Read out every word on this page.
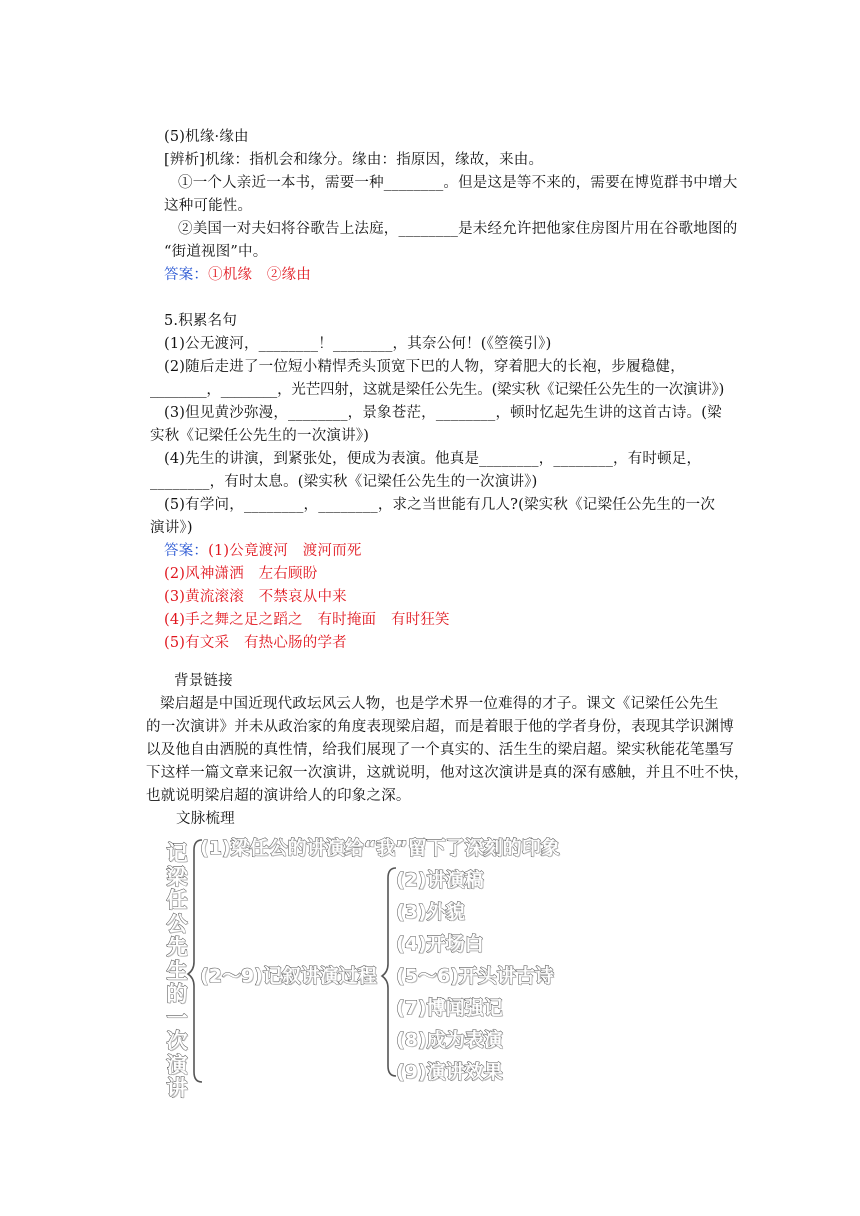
(5)机缘·缘由
[辨析]机缘：指机会和缘分。缘由：指原因，缘故，来由。
①一个人亲近一本书，需要一种________。但是这是等不来的，需要在博览群书中增大
这种可能性。
②美国一对夫妇将谷歌告上法庭，________是未经允许把他家住房图片用在谷歌地图的
“街道视图”中。
答案：①机缘　②缘由
5.积累名句
(1)公无渡河，________！________，其奈公何！(《箜篌引》)
(2)随后走进了一位短小精悍秃头顶宽下巴的人物，穿着肥大的长袍，步履稳健，
________，________，光芒四射，这就是梁任公先生。(梁实秋《记梁任公先生的一次演讲》)
(3)但见黄沙弥漫，________，景象苍茫，________，顿时忆起先生讲的这首古诗。(梁
实秋《记梁任公先生的一次演讲》)
(4)先生的讲演，到紧张处，便成为表演。他真是________，________，有时顿足，
________，有时太息。(梁实秋《记梁任公先生的一次演讲》)
(5)有学问，________，________，求之当世能有几人?(梁实秋《记梁任公先生的一次
演讲》)
答案：(1)公竟渡河　渡河而死
(2)风神潇洒　左右顾盼
(3)黄流滚滚　不禁哀从中来
(4)手之舞之足之蹈之　有时掩面　有时狂笑
(5)有文采　有热心肠的学者
背景链接
梁启超是中国近现代政坛风云人物，也是学术界一位难得的才子。课文《记梁任公先生
的一次演讲》并未从政治家的角度表现梁启超，而是着眼于他的学者身份，表现其学识渊博
以及他自由洒脱的真性情，给我们展现了一个真实的、活生生的梁启超。梁实秋能花笔墨写
下这样一篇文章来记叙一次演讲，这就说明，他对这次演讲是真的深有感触，并且不吐不快，
也就说明梁启超的演讲给人的印象之深。
文脉梳理
记
梁
任
公
先
生
的
一
次
演
讲
(1)梁任公的讲演给“我”留下了深刻的印象
(2～9)记叙讲演过程
(2)讲演稿
(3)外貌
(4)开场白
(5～6)开头讲古诗
(7)博闻强记
(8)成为表演
(9)演讲效果
